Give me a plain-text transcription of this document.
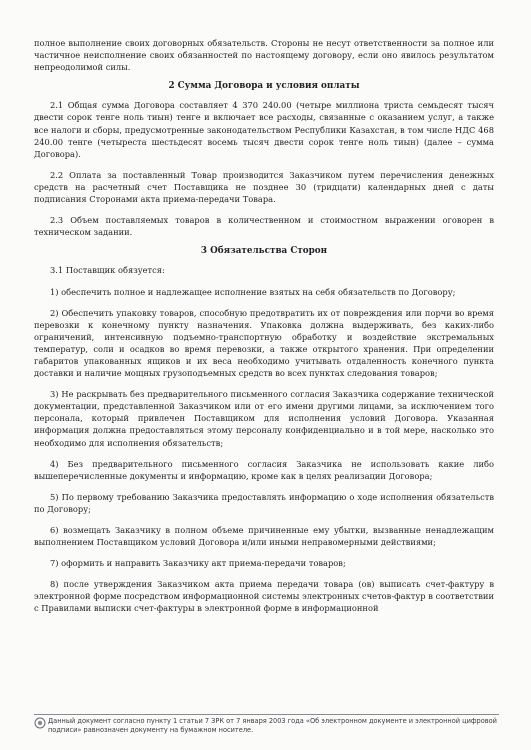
полное выполнение своих договорных обязательств. Стороны не несут ответственности за полное или частичное неисполнение своих обязанностей по настоящему договору, если оно явилось результатом непреодолимой силы.

2 Сумма Договора и условия оплаты

2.1 Общая сумма Договора составляет 4 370 240.00 (четыре миллиона триста семьдесят тысяч двести сорок тенге ноль тиын) тенге и включает все расходы, связанные с оказанием услуг, а также все налоги и сборы, предусмотренные законодательством Республики Казахстан, в том числе НДС 468 240.00 тенге (четыреста шестьдесят восемь тысяч двести сорок тенге ноль тиын) (далее – сумма Договора).

2.2 Оплата за поставленный Товар производится Заказчиком путем перечисления денежных средств на расчетный счет Поставщика не позднее 30 (тридцати) календарных дней с даты подписания Сторонами акта приема-передачи Товара.

2.3 Объем поставляемых товаров в количественном и стоимостном выражении оговорен в техническом задании.

3 Обязательства Сторон

3.1 Поставщик обязуется:

1) обеспечить полное и надлежащее исполнение взятых на себя обязательств по Договору;

2) Обеспечить упаковку товаров, способную предотвратить их от повреждения или порчи во время перевозки к конечному пункту назначения. Упаковка должна выдерживать, без каких-либо ограничений, интенсивную подъемно-транспортную обработку и воздействие экстремальных температур, соли и осадков во время перевозки, а также открытого хранения. При определении габаритов упакованных ящиков и их веса необходимо учитывать отдаленность конечного пункта доставки и наличие мощных грузоподъемных средств во всех пунктах следования товаров;

3) Не раскрывать без предварительного письменного согласия Заказчика содержание технической документации, представленной Заказчиком или от его имени другими лицами, за исключением того персонала, который привлечен Поставщиком для исполнения условий Договора. Указанная информация должна предоставляться этому персоналу конфиденциально и в той мере, насколько это необходимо для исполнения обязательств;

4) Без предварительного письменного согласия Заказчика не использовать какие либо вышеперечисленные документы и информацию, кроме как в целях реализации Договора;

5) По первому требованию Заказчика предоставлять информацию о ходе исполнения обязательств по Договору;

6) возмещать Заказчику в полном объеме причиненные ему убытки, вызванные ненадлежащим выполнением Поставщиком условий Договора и/или иными неправомерными действиями;

7) оформить и направить Заказчику акт приема-передачи товаров;

8) после утверждения Заказчиком акта приема передачи товара (ов) выписать счет-фактуру в электронной форме посредством информационной системы электронных счетов-фактур в соответствии с Правилами выписки счет-фактуры в электронной форме в информационной

Данный документ согласно пункту 1 статьи 7 ЗРК от 7 января 2003 года «Об электронном документе и электронной цифровой подписи» равнозначен документу на бумажном носителе.
